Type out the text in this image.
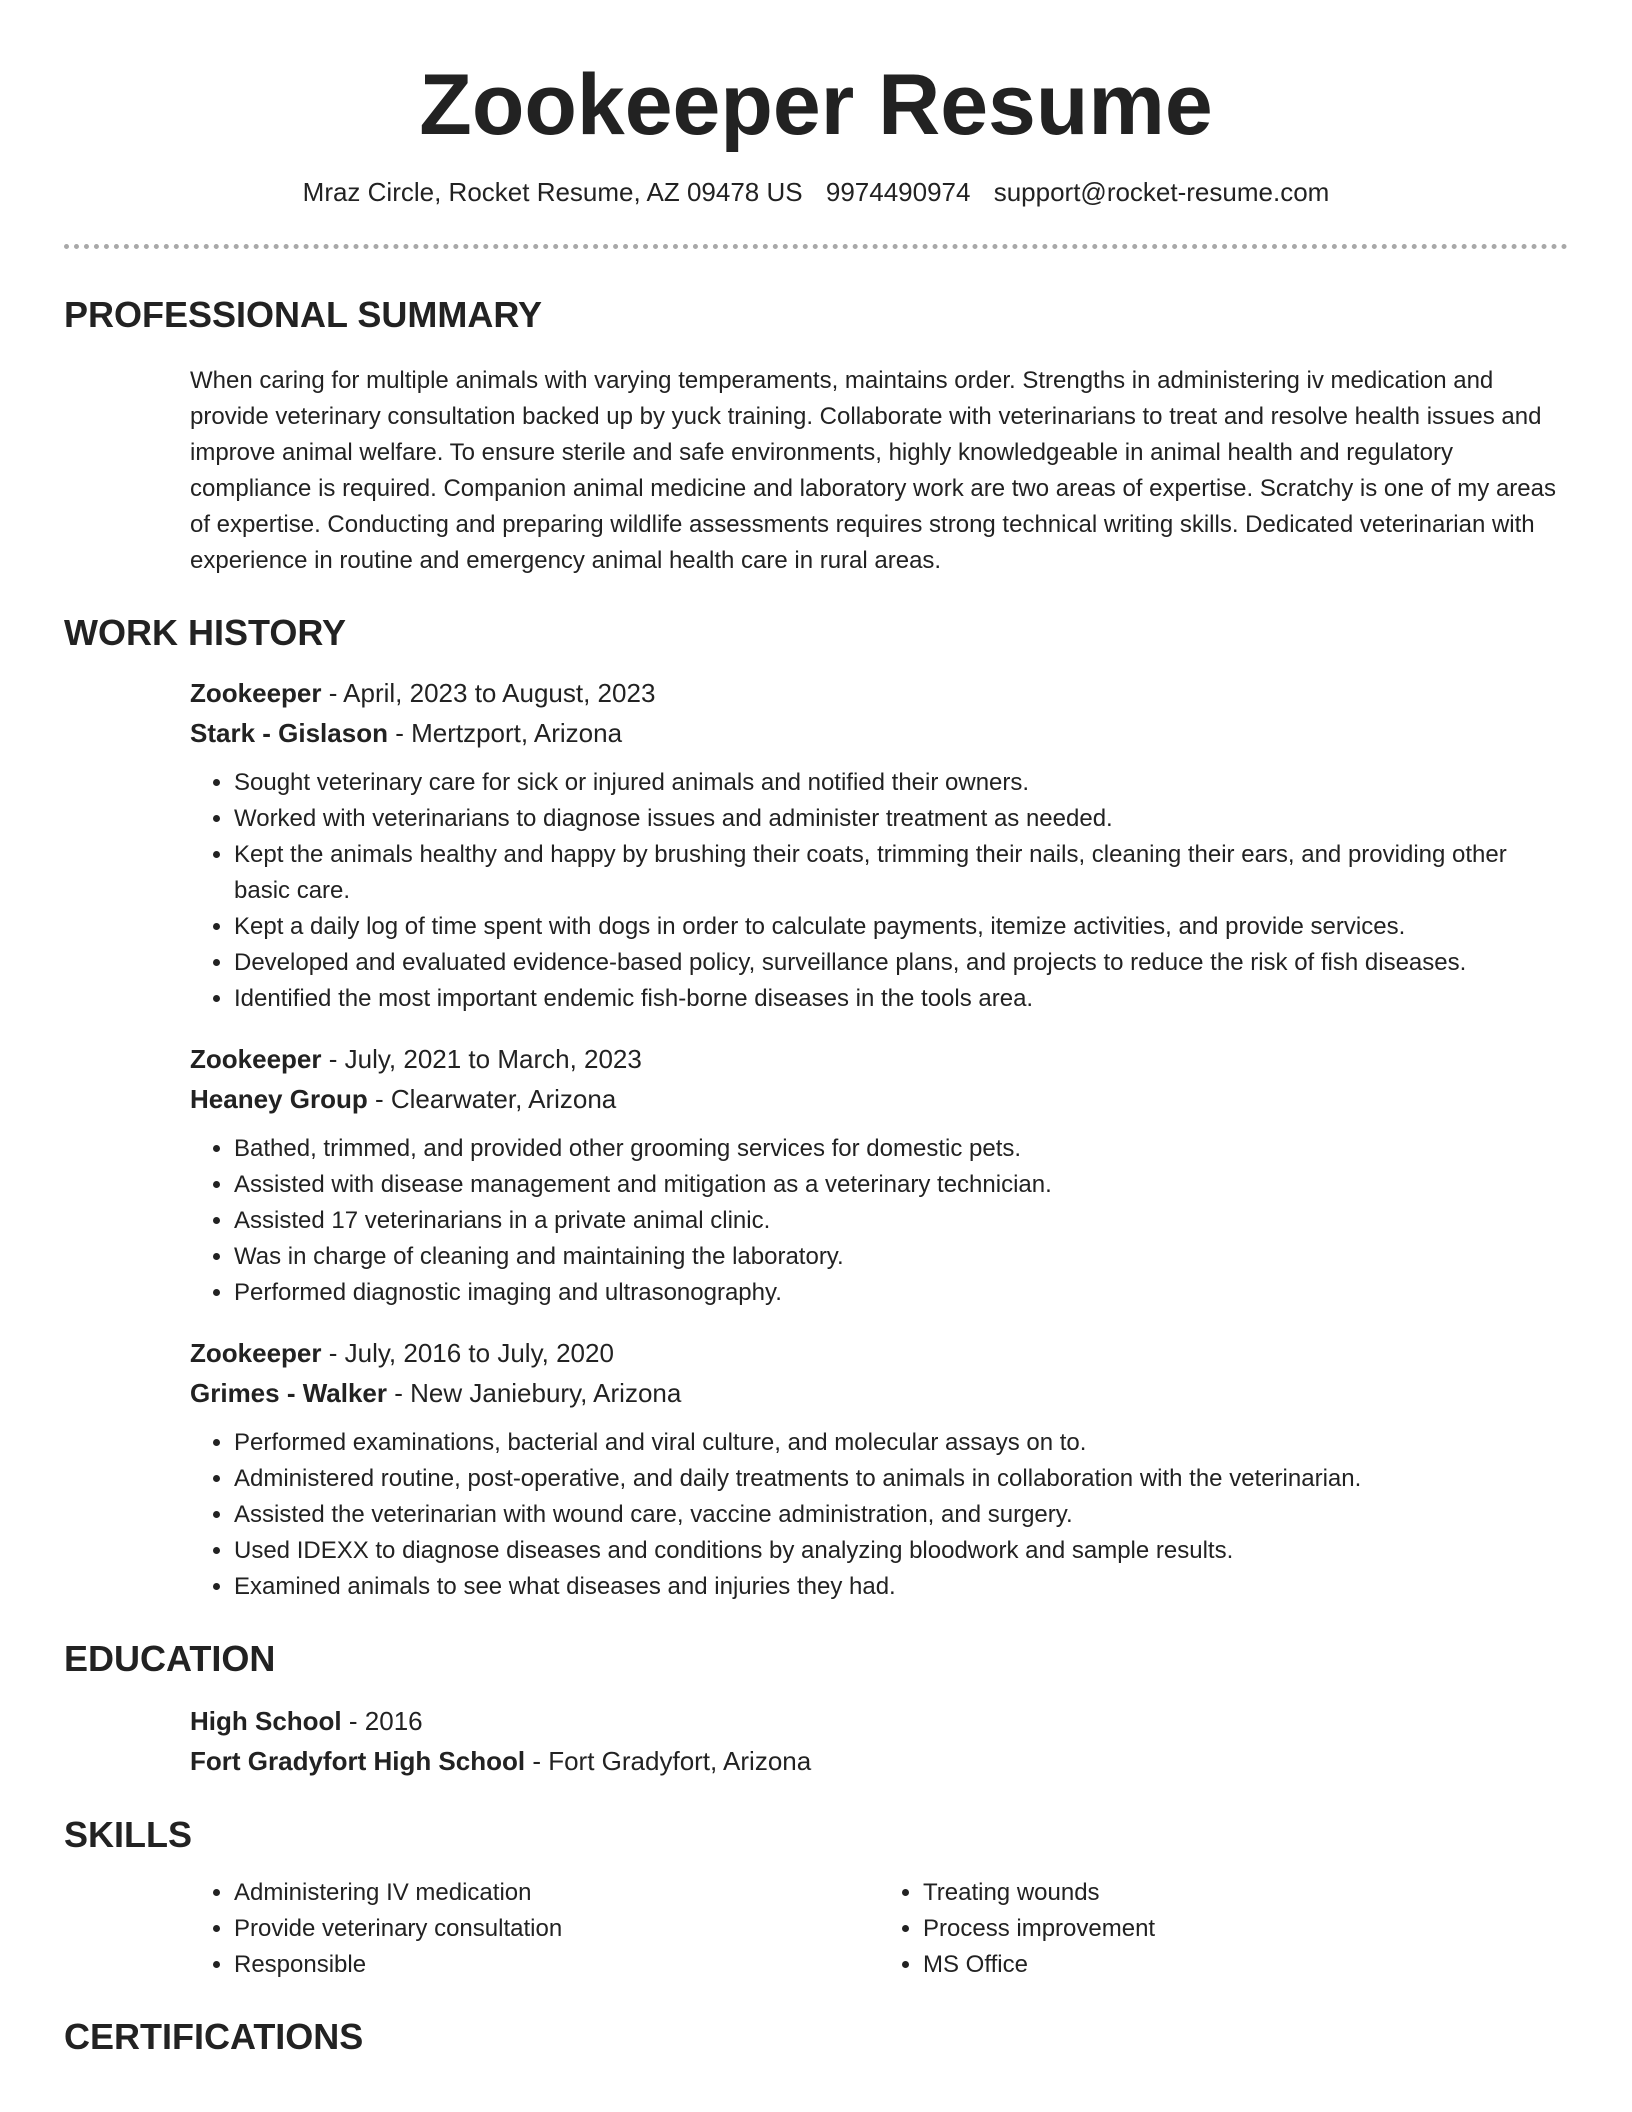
Zookeeper Resume
Mraz Circle, Rocket Resume, AZ 09478 US 9974490974 support@rocket-resume.com
PROFESSIONAL SUMMARY

When caring for multiple animals with varying temperaments, maintains order. Strengths in administering iv medication and provide veterinary consultation backed up by yuck training. Collaborate with veterinarians to treat and resolve health issues and improve animal welfare. To ensure sterile and safe environments, highly knowledgeable in animal health and regulatory compliance is required. Companion animal medicine and laboratory work are two areas of expertise. Scratchy is one of my areas of expertise. Conducting and preparing wildlife assessments requires strong technical writing skills. Dedicated veterinarian with experience in routine and emergency animal health care in rural areas.

WORK HISTORY
Zookeeper - April, 2023 to August, 2023
Stark - Gislason - Mertzport, Arizona
• Sought veterinary care for sick or injured animals and notified their owners.
• Worked with veterinarians to diagnose issues and administer treatment as needed.
• Kept the animals healthy and happy by brushing their coats, trimming their nails, cleaning their ears, and providing other basic care.
• Kept a daily log of time spent with dogs in order to calculate payments, itemize activities, and provide services.
• Developed and evaluated evidence-based policy, surveillance plans, and projects to reduce the risk of fish diseases.
• Identified the most important endemic fish-borne diseases in the tools area.
Zookeeper - July, 2021 to March, 2023
Heaney Group - Clearwater, Arizona
• Bathed, trimmed, and provided other grooming services for domestic pets.
• Assisted with disease management and mitigation as a veterinary technician.
• Assisted 17 veterinarians in a private animal clinic.
• Was in charge of cleaning and maintaining the laboratory.
• Performed diagnostic imaging and ultrasonography.
Zookeeper - July, 2016 to July, 2020
Grimes - Walker - New Janiebury, Arizona
• Performed examinations, bacterial and viral culture, and molecular assays on to.
• Administered routine, post-operative, and daily treatments to animals in collaboration with the veterinarian.
• Assisted the veterinarian with wound care, vaccine administration, and surgery.
• Used IDEXX to diagnose diseases and conditions by analyzing bloodwork and sample results.
• Examined animals to see what diseases and injuries they had.
EDUCATION
High School - 2016
Fort Gradyfort High School - Fort Gradyfort, Arizona
SKILLS
• Administering IV medication
• Provide veterinary consultation
• Responsible
• Treating wounds
• Process improvement
• MS Office
CERTIFICATIONS
